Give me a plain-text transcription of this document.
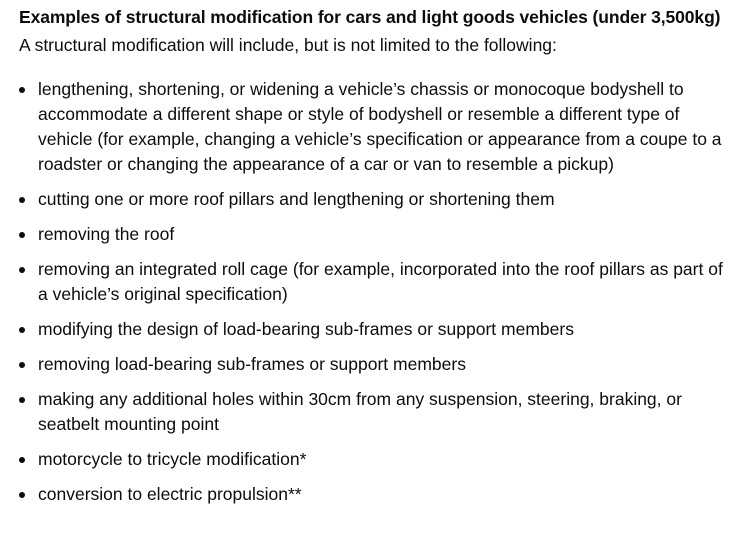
Examples of structural modification for cars and light goods vehicles (under 3,500kg)

A structural modification will include, but is not limited to the following:

lengthening, shortening, or widening a vehicle’s chassis or monocoque bodyshell to accommodate a different shape or style of bodyshell or resemble a different type of vehicle (for example, changing a vehicle’s specification or appearance from a coupe to a roadster or changing the appearance of a car or van to resemble a pickup)
cutting one or more roof pillars and lengthening or shortening them
removing the roof
removing an integrated roll cage (for example, incorporated into the roof pillars as part of a vehicle’s original specification)
modifying the design of load-bearing sub-frames or support members
removing load-bearing sub-frames or support members
making any additional holes within 30cm from any suspension, steering, braking, or seatbelt mounting point
motorcycle to tricycle modification*
conversion to electric propulsion**
